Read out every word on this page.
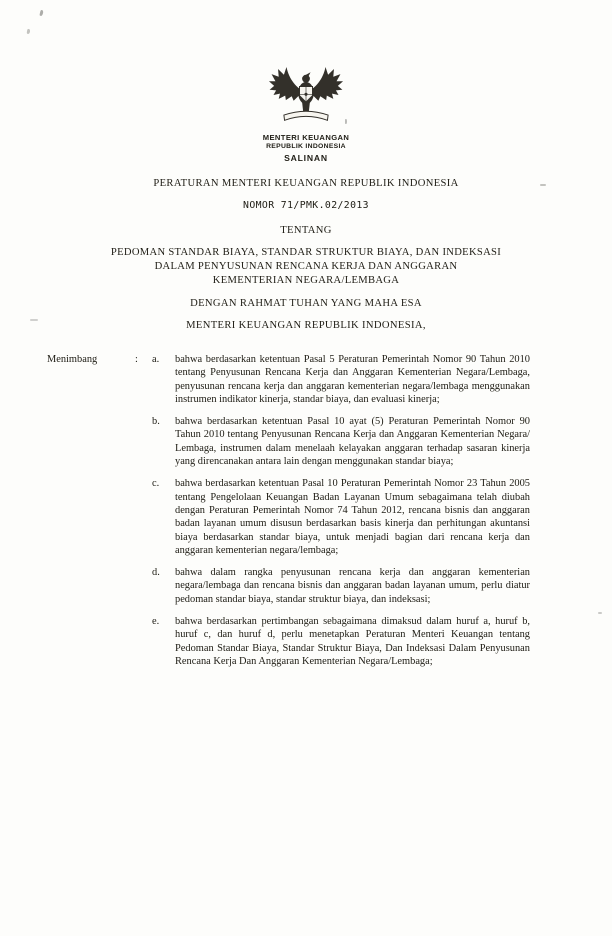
MENTERI KEUANGAN
REPUBLIK INDONESIA
SALINAN

PERATURAN MENTERI KEUANGAN REPUBLIK INDONESIA

NOMOR 71/PMK.02/2013

TENTANG

PEDOMAN STANDAR BIAYA, STANDAR STRUKTUR BIAYA, DAN INDEKSASI

DALAM PENYUSUNAN RENCANA KERJA DAN ANGGARAN

KEMENTERIAN NEGARA/LEMBAGA

DENGAN RAHMAT TUHAN YANG MAHA ESA

MENTERI KEUANGAN REPUBLIK INDONESIA,

Menimbang	:	a.	bahwa berdasarkan ketentuan Pasal 5 Peraturan Pemerintah Nomor 90 Tahun 2010 tentang Penyusunan Rencana Kerja dan Anggaran Kementerian Negara/Lembaga, penyusunan rencana kerja dan anggaran kementerian negara/lembaga menggunakan instrumen indikator kinerja, standar biaya, dan evaluasi kinerja;
b.	bahwa berdasarkan ketentuan Pasal 10 ayat (5) Peraturan Pemerintah Nomor 90 Tahun 2010 tentang Penyusunan Rencana Kerja dan Anggaran Kementerian Negara/ Lembaga, instrumen dalam menelaah kelayakan anggaran terhadap sasaran kinerja yang direncanakan antara lain dengan menggunakan standar biaya;
c.	bahwa berdasarkan ketentuan Pasal 10 Peraturan Pemerintah Nomor 23 Tahun 2005 tentang Pengelolaan Keuangan Badan Layanan Umum sebagaimana telah diubah dengan Peraturan Pemerintah Nomor 74 Tahun 2012, rencana bisnis dan anggaran badan layanan umum disusun berdasarkan basis kinerja dan perhitungan akuntansi biaya berdasarkan standar biaya, untuk menjadi bagian dari rencana kerja dan anggaran kementerian negara/lembaga;
d.	bahwa dalam rangka penyusunan rencana kerja dan anggaran kementerian negara/lembaga dan rencana bisnis dan anggaran badan layanan umum, perlu diatur pedoman standar biaya, standar struktur biaya, dan indeksasi;
e.	bahwa berdasarkan pertimbangan sebagaimana dimaksud dalam huruf a, huruf b, huruf c, dan huruf d, perlu menetapkan Peraturan Menteri Keuangan tentang Pedoman Standar Biaya, Standar Struktur Biaya, Dan Indeksasi Dalam Penyusunan Rencana Kerja Dan Anggaran Kementerian Negara/Lembaga;
